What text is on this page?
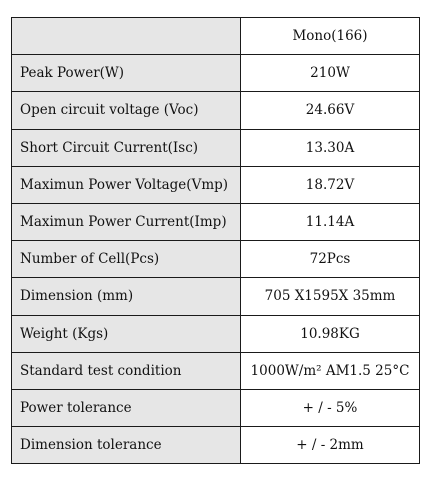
	Mono(166)
Peak Power(W)	210W
Open circuit voltage (Voc)	24.66V
Short Circuit Current(Isc)	13.30A
Maximun Power Voltage(Vmp)	18.72V
Maximun Power Current(Imp)	11.14A
Number of Cell(Pcs)	72Pcs
Dimension (mm)	705 X1595X 35mm
Weight (Kgs)	10.98KG
Standard test condition	1000W/m² AM1.5 25°C
Power tolerance	+ / - 5%
Dimension tolerance	+ / - 2mm
